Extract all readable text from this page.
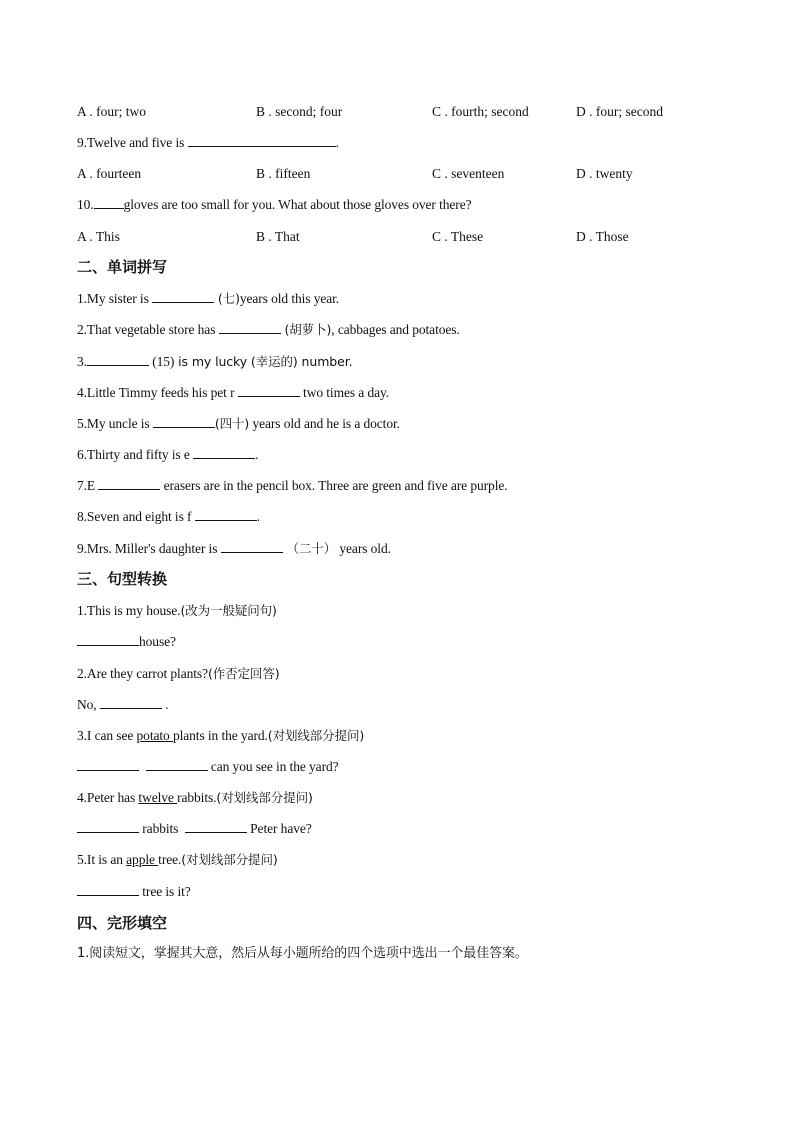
A . four; two	B . second; four	C . fourth; second	D . four; second
9.Twelve and five is	.
A . fourteen	B . fifteen	C . seventeen	D . twenty
10. gloves are too small for you. What about those gloves over there?
A . This	B . That	C . These	D . Those
二、单词拼写
1.My sister is	(七)years old this year.
2.That vegetable store has	(胡萝卜), cabbages and potatoes.
3.	(15) is my lucky (幸运的) number.
4.Little Timmy feeds his pet r	two times a day.
5.My uncle is	(四十) years old and he is a doctor.
6.Thirty and fifty is e	.
7.E	erasers are in the pencil box. Three are green and five are purple.
8.Seven and eight is f	.
9.Mrs. Miller's daughter is	（二十） years old.
三、句型转换
1.This is my house.(改为一般疑问句)
house?
2.Are they carrot plants?(作否定回答)
No,	.
3.I can see potato plants in the yard.(对划线部分提问)
can you see in the yard?
4.Peter has twelve rabbits.(对划线部分提问)
rabbits	Peter have?
5.It is an apple tree.(对划线部分提问)
tree is it?
四、完形填空
1.阅读短文，掌握其大意，然后从每小题所给的四个选项中选出一个最佳答案。
